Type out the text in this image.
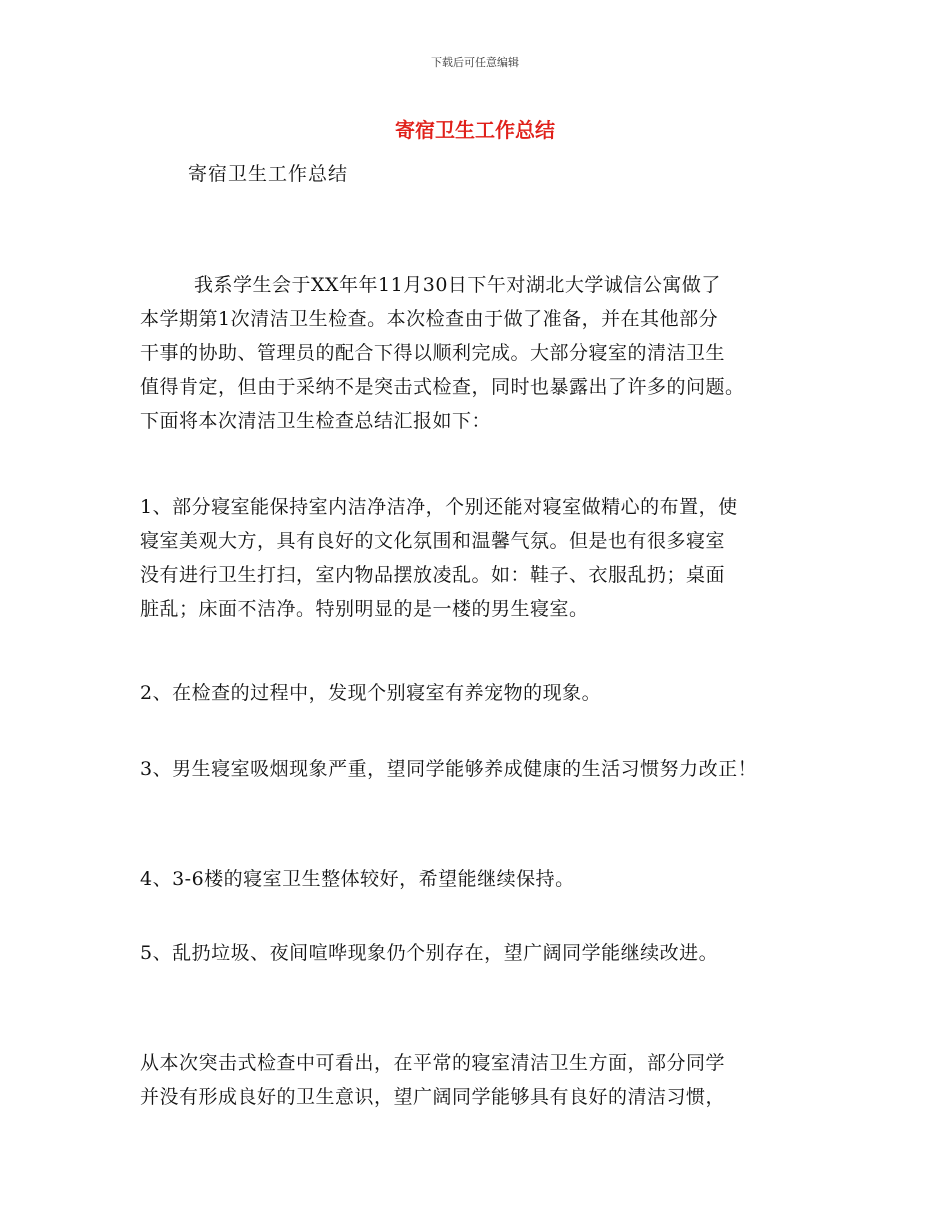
下载后可任意编辑
寄宿卫生工作总结
寄宿卫生工作总结
我系学生会于XX年年11月30日下午对湖北大学诚信公寓做了
本学期第1次清洁卫生检查。本次检查由于做了准备，并在其他部分
干事的协助、管理员的配合下得以顺利完成。大部分寝室的清洁卫生
值得肯定，但由于采纳不是突击式检查，同时也暴露出了许多的问题。
下面将本次清洁卫生检查总结汇报如下：
1、部分寝室能保持室内洁净洁净，个别还能对寝室做精心的布置，使
寝室美观大方，具有良好的文化氛围和温馨气氛。但是也有很多寝室
没有进行卫生打扫，室内物品摆放凌乱。如：鞋子、衣服乱扔；桌面
脏乱；床面不洁净。特别明显的是一楼的男生寝室。
2、在检查的过程中，发现个别寝室有养宠物的现象。
3、男生寝室吸烟现象严重，望同学能够养成健康的生活习惯努力改正！
4、3-6楼的寝室卫生整体较好，希望能继续保持。
5、乱扔垃圾、夜间喧哗现象仍个别存在，望广阔同学能继续改进。
从本次突击式检查中可看出，在平常的寝室清洁卫生方面，部分同学
并没有形成良好的卫生意识，望广阔同学能够具有良好的清洁习惯，
